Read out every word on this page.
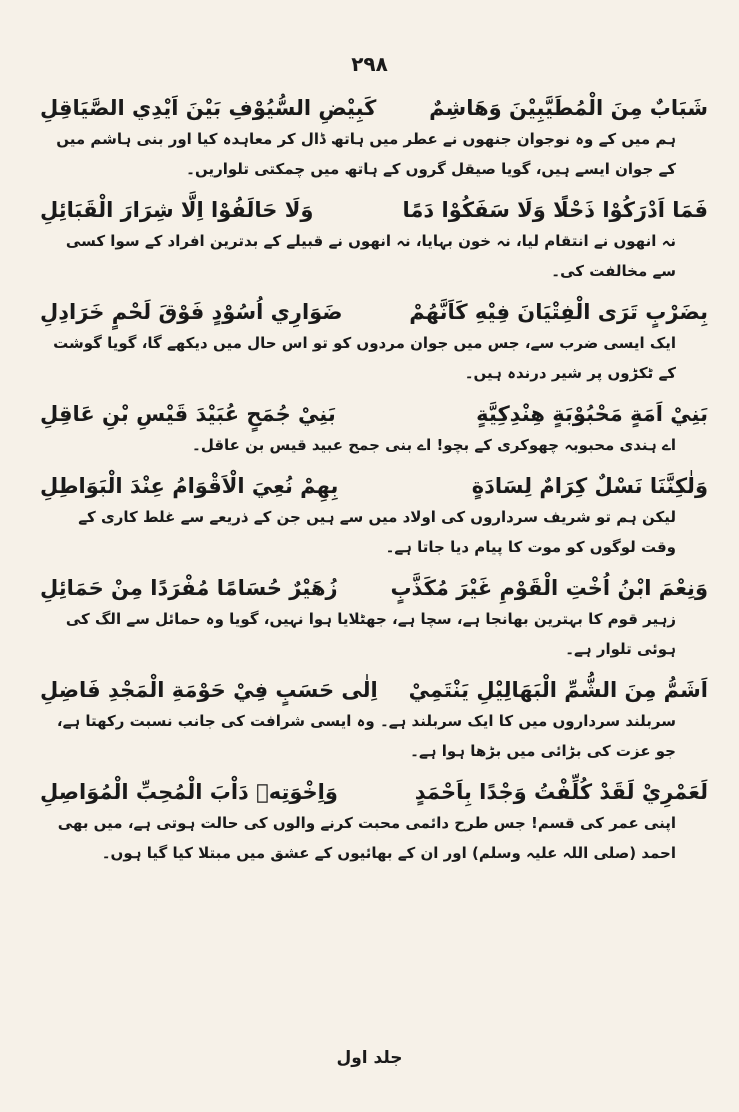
۲۹۸
شَبَابٌ مِنَ الْمُطَيَّبِيْنَ وَهَاشِمٌ
كَبِيْضِ السُّيُوْفِ بَيْنَ اَيْدِي الصَّيَاقِلِ
ہم میں کے وہ نوجوان جنھوں نے عطر میں ہاتھ ڈال کر معاہدہ کیا اور بنی ہاشم میں کے جوان ایسے ہیں، گویا صیقل گروں کے ہاتھ میں چمکتی تلواریں۔
فَمَا اَدْرَكُوْا ذَحْلًا وَلَا سَفَكُوْا دَمًا
وَلَا حَالَفُوْا اِلَّا شِرَارَ الْقَبَائِلِ
نہ انھوں نے انتقام لیا، نہ خون بہایا، نہ انھوں نے قبیلے کے بدترین افراد کے سوا کسی سے مخالفت کی۔
بِضَرْبٍ تَرَى الْفِتْيَانَ فِيْهِ كَاَنَّهُمْ
ضَوَارِي اُسُوْدٍ فَوْقَ لَحْمٍ خَرَادِلِ
ایک ایسی ضرب سے، جس میں جوان مردوں کو تو اس حال میں دیکھے گا، گویا گوشت کے ٹکڑوں پر شیر درندہ ہیں۔
بَنِيْ اَمَةٍ مَحْبُوْبَةٍ هِنْدِكِيَّةٍ
بَنِيْ جُمَحٍ عُبَيْدَ قَيْسِ بْنِ عَاقِلِ
اے ہندی محبوبہ چھوکری کے بچو! اے بنی جمح عبید قیس بن عاقل۔
وَلٰكِنَّنَا نَسْلٌ كِرَامٌ لِسَادَةٍ
بِهِمْ نُعِيَ الْاَقْوَامُ عِنْدَ الْبَوَاطِلِ
لیکن ہم تو شریف سرداروں کی اولاد میں سے ہیں جن کے ذریعے سے غلط کاری کے وقت لوگوں کو موت کا پیام دیا جاتا ہے۔
وَنِعْمَ ابْنُ اُخْتِ الْقَوْمِ غَيْرَ مُكَذَّبٍ
زُهَيْرٌ حُسَامًا مُفْرَدًا مِنْ حَمَائِلِ
زہیر قوم کا بہترین بھانجا ہے، سچا ہے، جھٹلایا ہوا نہیں، گویا وہ حمائل سے الگ کی ہوئی تلوار ہے۔
اَشَمُّ مِنَ الشُّمِّ الْبَهَالِيْلِ يَنْتَمِيْ
اِلٰى حَسَبٍ فِيْ حَوْمَةِ الْمَجْدِ فَاضِلِ
سربلند سرداروں میں کا ایک سربلند ہے۔ وہ ایسی شرافت کی جانب نسبت رکھتا ہے، جو عزت کی بڑائی میں بڑھا ہوا ہے۔
لَعَمْرِيْ لَقَدْ كُلِّفْتُ وَجْدًا بِاَحْمَدٍ
وَاِخْوَتِهٖ دَاْبَ الْمُحِبِّ الْمُوَاصِلِ
اپنی عمر کی قسم! جس طرح دائمی محبت کرنے والوں کی حالت ہوتی ہے، میں بھی احمد (صلی اللہ علیہ وسلم) اور ان کے بھائیوں کے عشق میں مبتلا کیا گیا ہوں۔
جلد اول
